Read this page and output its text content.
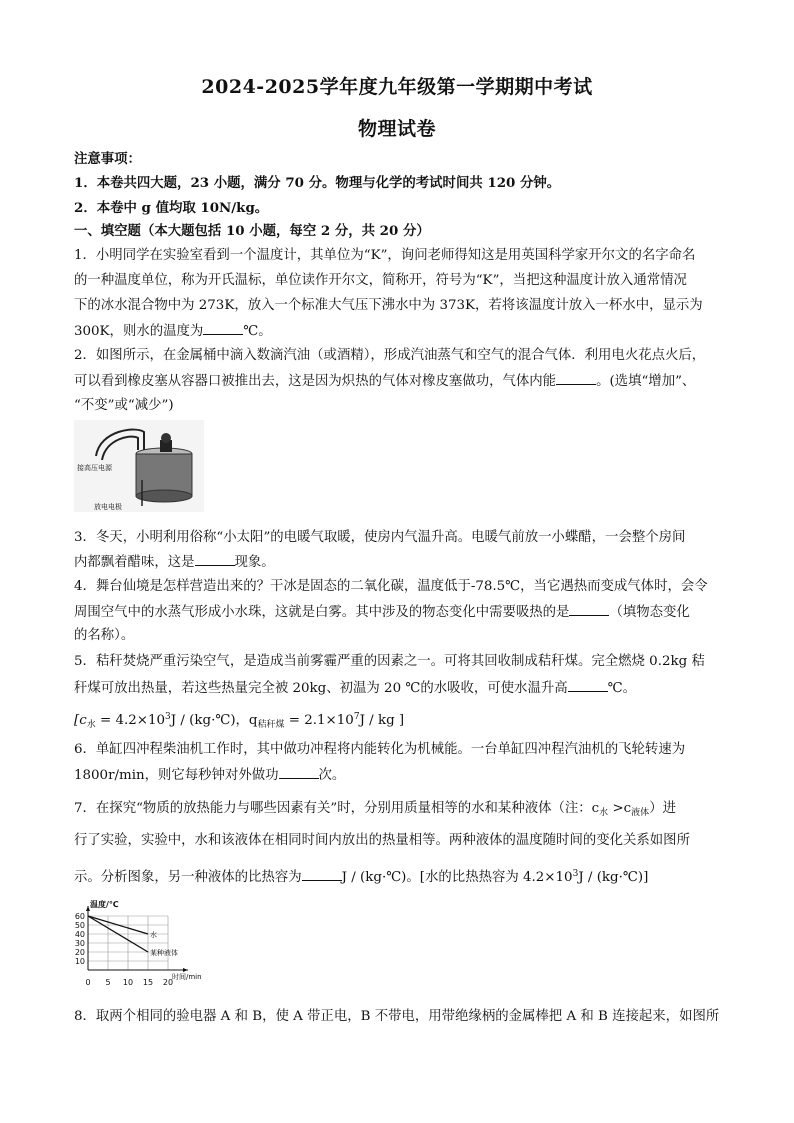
2024-2025学年度九年级第一学期期中考试
物理试卷
注意事项：
1．本卷共四大题，23 小题，满分 70 分。物理与化学的考试时间共 120 分钟。
2．本卷中 g 值均取 10N/kg。
一、填空题（本大题包括 10 小题，每空 2 分，共 20 分）
1．小明同学在实验室看到一个温度计，其单位为“K”，询问老师得知这是用英国科学家开尔文的名字命名
的一种温度单位，称为开氏温标，单位读作开尔文，简称开，符号为“K”，当把这种温度计放入通常情况
下的冰水混合物中为 273K，放入一个标准大气压下沸水中为 373K，若将该温度计放入一杯水中，显示为
300K，则水的温度为	℃。
2．如图所示，在金属桶中滴入数滴汽油（或酒精），形成汽油蒸气和空气的混合气体．利用电火花点火后，
可以看到橡皮塞从容器口被推出去，这是因为炽热的气体对橡皮塞做功，气体内能	。(选填“增加”、
“不变”或“减少”)
接高压电源
放电电极
3．冬天，小明利用俗称“小太阳”的电暖气取暖，使房内气温升高。电暖气前放一小蝶醋，一会整个房间
内都飘着醋味，这是	现象。
4．舞台仙境是怎样营造出来的？干冰是固态的二氧化碳，温度低于-78.5℃，当它遇热而变成气体时，会令
周围空气中的水蒸气形成小水珠，这就是白雾。其中涉及的物态变化中需要吸热的是	（填物态变化
的名称）。
5．秸秆焚烧严重污染空气，是造成当前雾霾严重的因素之一。可将其回收制成秸秆煤。完全燃烧 0.2kg 秸
秆煤可放出热量，若这些热量完全被 20kg、初温为 20 ℃的水吸收，可使水温升高	℃。
[$c_水 = 4.2\times 10^3J$ / (kg·℃)，$q_{秸秆煤} = 2.1\times 10^7J$ / kg ]
6．单缸四冲程柴油机工作时，其中做功冲程将内能转化为机械能。一台单缸四冲程汽油机的飞轮转速为
1800r/min，则它每秒钟对外做功	次。
7．在探究“物质的放热能力与哪些因素有关”时，分别用质量相等的水和某种液体（注：$c_水 >c_{液体}$）进
行了实验，实验中，水和该液体在相同时间内放出的热量相等。两种液体的温度随时间的变化关系如图所
示。分析图象，另一种液体的比热容为	J / (kg·℃)。[水的比热热容为 $4.2\times 10^3J$ / (kg·℃)]
60
50
40
30
20
10
0 5 10 15 20
温度/℃
时间/min
水
某种液体
8．取两个相同的验电器 A 和 B，使 A 带正电，B 不带电，用带绝缘柄的金属棒把 A 和 B 连接起来，如图所
